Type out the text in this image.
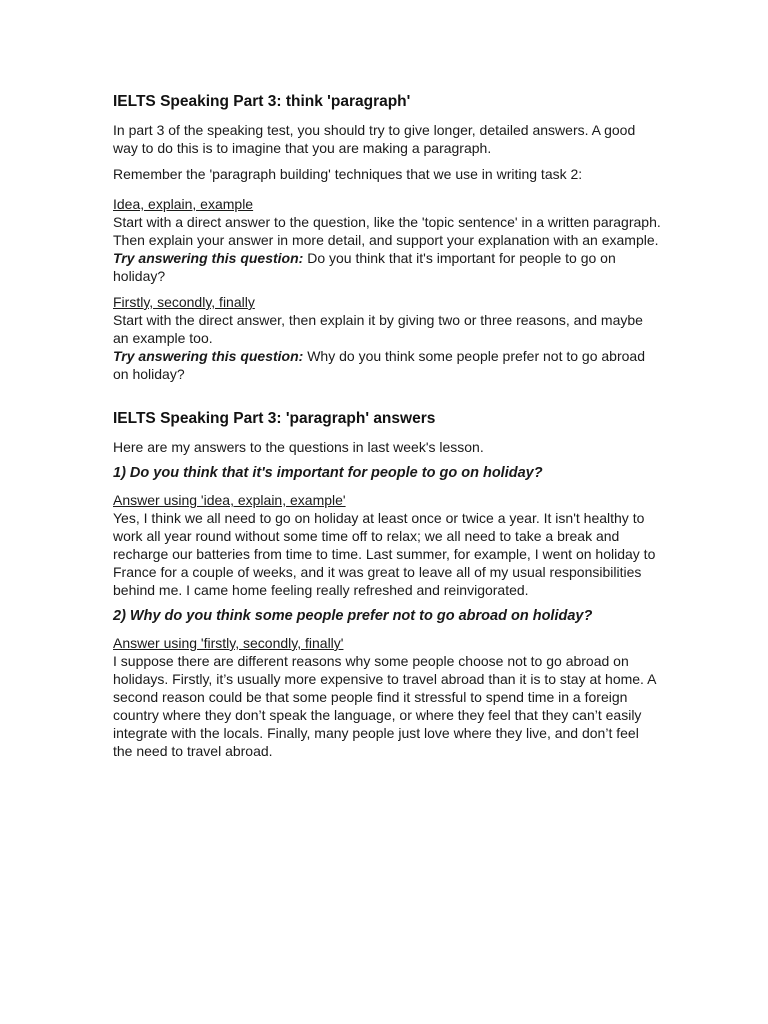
IELTS Speaking Part 3: think 'paragraph'

In part 3 of the speaking test, you should try to give longer, detailed answers. A good way to do this is to imagine that you are making a paragraph.

Remember the 'paragraph building' techniques that we use in writing task 2:

Idea, explain, example

Start with a direct answer to the question, like the 'topic sentence' in a written paragraph. Then explain your answer in more detail, and support your explanation with an example.

Try answering this question: Do you think that it's important for people to go on holiday?

Firstly, secondly, finally

Start with the direct answer, then explain it by giving two or three reasons, and maybe an example too.

Try answering this question: Why do you think some people prefer not to go abroad on holiday?

IELTS Speaking Part 3: 'paragraph' answers

Here are my answers to the questions in last week's lesson.

1) Do you think that it's important for people to go on holiday?

Answer using 'idea, explain, example'

Yes, I think we all need to go on holiday at least once or twice a year. It isn't healthy to work all year round without some time off to relax; we all need to take a break and recharge our batteries from time to time. Last summer, for example, I went on holiday to France for a couple of weeks, and it was great to leave all of my usual responsibilities behind me. I came home feeling really refreshed and reinvigorated.

2) Why do you think some people prefer not to go abroad on holiday?

Answer using 'firstly, secondly, finally'

I suppose there are different reasons why some people choose not to go abroad on holidays. Firstly, it’s usually more expensive to travel abroad than it is to stay at home. A second reason could be that some people find it stressful to spend time in a foreign country where they don’t speak the language, or where they feel that they can’t easily integrate with the locals. Finally, many people just love where they live, and don’t feel the need to travel abroad.
